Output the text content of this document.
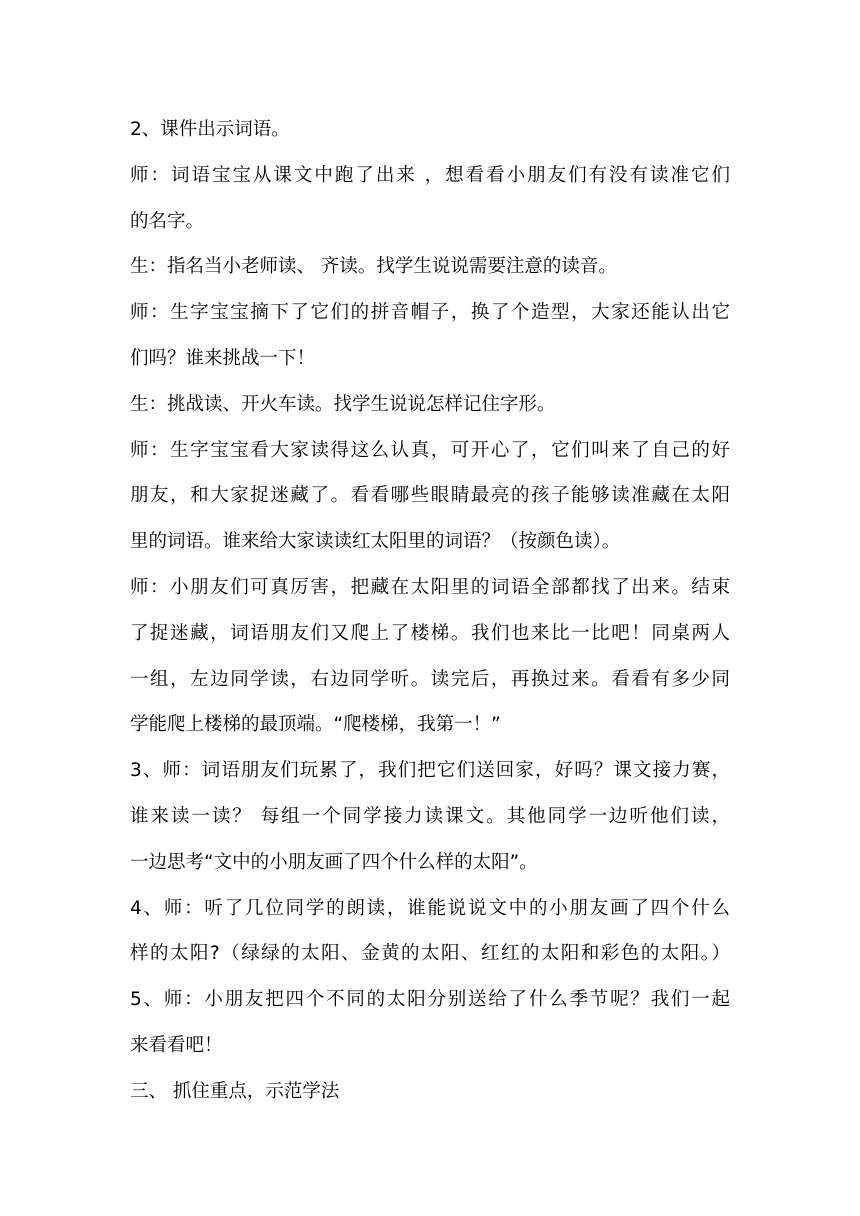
2、课件出示词语。
师：词语宝宝从课文中跑了出来 ，想看看小朋友们有没有读准它们
的名字。
生：指名当小老师读、 齐读。找学生说说需要注意的读音。
师：生字宝宝摘下了它们的拼音帽子，换了个造型，大家还能认出它
们吗？谁来挑战一下！
生：挑战读、开火车读。找学生说说怎样记住字形。
师：生字宝宝看大家读得这么认真，可开心了，它们叫来了自己的好
朋友，和大家捉迷藏了。看看哪些眼睛最亮的孩子能够读准藏在太阳
里的词语。谁来给大家读读红太阳里的词语？（按颜色读）。
师：小朋友们可真厉害，把藏在太阳里的词语全部都找了出来。结束
了捉迷藏，词语朋友们又爬上了楼梯。我们也来比一比吧！同桌两人
一组，左边同学读，右边同学听。读完后，再换过来。看看有多少同
学能爬上楼梯的最顶端。“爬楼梯，我第一！”
3、师：词语朋友们玩累了，我们把它们送回家，好吗？课文接力赛，
谁来读一读？ 每组一个同学接力读课文。其他同学一边听他们读，
一边思考“文中的小朋友画了四个什么样的太阳”。
4、师：听了几位同学的朗读，谁能说说文中的小朋友画了四个什么
样的太阳?（绿绿的太阳、金黄的太阳、红红的太阳和彩色的太阳。）
5、师：小朋友把四个不同的太阳分别送给了什么季节呢？我们一起
来看看吧！
三、 抓住重点，示范学法
